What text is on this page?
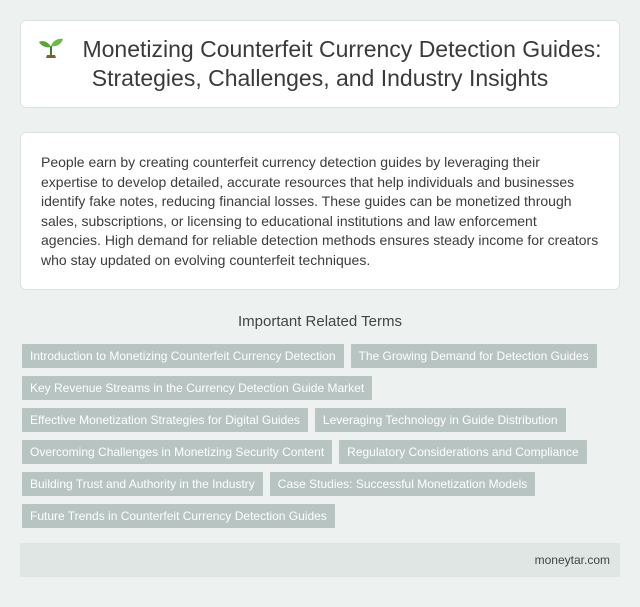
Monetizing Counterfeit Currency Detection Guides: Strategies, Challenges, and Industry Insights

People earn by creating counterfeit currency detection guides by leveraging their expertise to develop detailed, accurate resources that help individuals and businesses identify fake notes, reducing financial losses. These guides can be monetized through sales, subscriptions, or licensing to educational institutions and law enforcement agencies. High demand for reliable detection methods ensures steady income for creators who stay updated on evolving counterfeit techniques.

Important Related Terms
Introduction to Monetizing Counterfeit Currency Detection	The Growing Demand for Detection Guides
Key Revenue Streams in the Currency Detection Guide Market
Effective Monetization Strategies for Digital Guides	Leveraging Technology in Guide Distribution
Overcoming Challenges in Monetizing Security Content	Regulatory Considerations and Compliance
Building Trust and Authority in the Industry	Case Studies: Successful Monetization Models
Future Trends in Counterfeit Currency Detection Guides
moneytar.com
